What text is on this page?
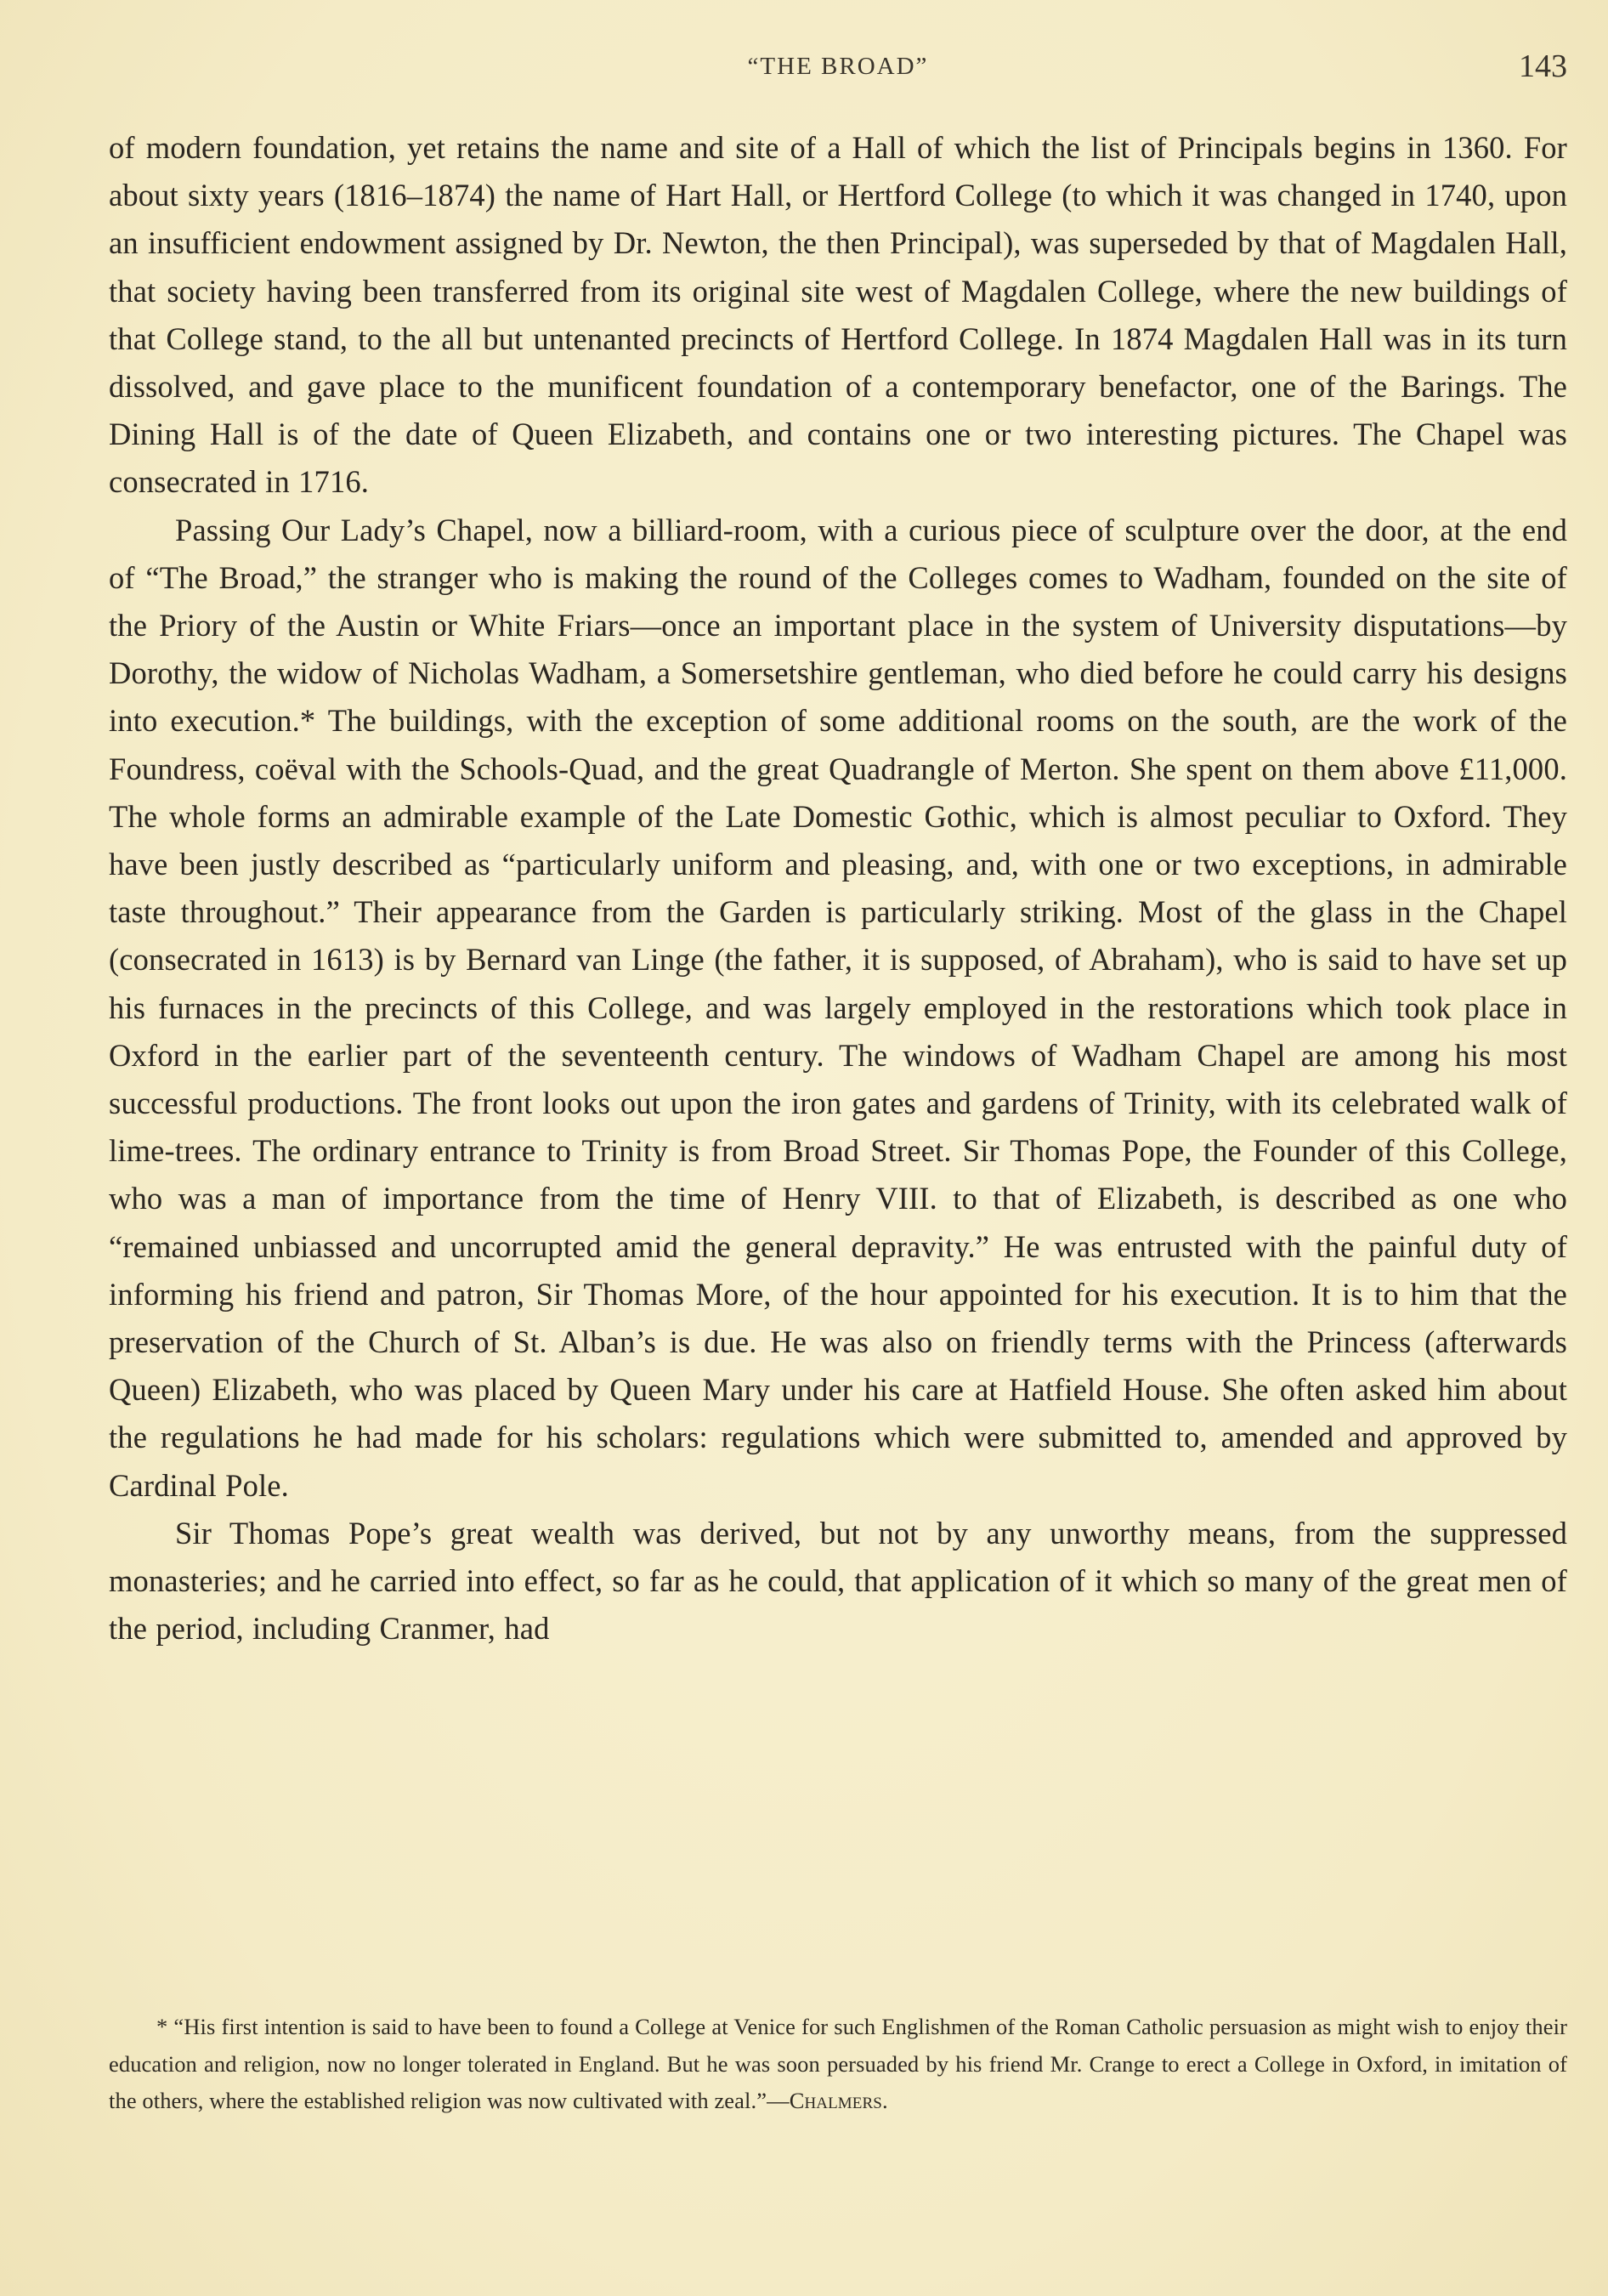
“THE BROAD”	143

of modern foundation, yet retains the name and site of a Hall of which the list of Principals begins in 1360. For about sixty years (1816–1874) the name of Hart Hall, or Hertford College (to which it was changed in 1740, upon an insufficient endowment assigned by Dr. Newton, the then Principal), was superseded by that of Magdalen Hall, that society having been transferred from its original site west of Magdalen College, where the new buildings of that College stand, to the all but untenanted precincts of Hertford College. In 1874 Magdalen Hall was in its turn dissolved, and gave place to the munificent foundation of a contemporary benefactor, one of the Barings. The Dining Hall is of the date of Queen Elizabeth, and contains one or two interesting pictures. The Chapel was consecrated in 1716.

Passing Our Lady’s Chapel, now a billiard-room, with a curious piece of sculpture over the door, at the end of “The Broad,” the stranger who is making the round of the Colleges comes to Wadham, founded on the site of the Priory of the Austin or White Friars—once an important place in the system of University disputations—by Dorothy, the widow of Nicholas Wadham, a Somersetshire gentleman, who died before he could carry his designs into execution.* The buildings, with the exception of some additional rooms on the south, are the work of the Foundress, coëval with the Schools-Quad, and the great Quadrangle of Merton. She spent on them above £11,000. The whole forms an admirable example of the Late Domestic Gothic, which is almost peculiar to Oxford. They have been justly described as “particularly uniform and pleasing, and, with one or two exceptions, in admirable taste throughout.” Their appearance from the Garden is particularly striking. Most of the glass in the Chapel (consecrated in 1613) is by Bernard van Linge (the father, it is supposed, of Abraham), who is said to have set up his furnaces in the precincts of this College, and was largely employed in the restorations which took place in Oxford in the earlier part of the seventeenth century. The windows of Wadham Chapel are among his most successful productions. The front looks out upon the iron gates and gardens of Trinity, with its celebrated walk of lime-trees. The ordinary entrance to Trinity is from Broad Street. Sir Thomas Pope, the Founder of this College, who was a man of importance from the time of Henry VIII. to that of Elizabeth, is described as one who “remained unbiassed and uncorrupted amid the general depravity.” He was entrusted with the painful duty of informing his friend and patron, Sir Thomas More, of the hour appointed for his execution. It is to him that the preservation of the Church of St. Alban’s is due. He was also on friendly terms with the Princess (afterwards Queen) Elizabeth, who was placed by Queen Mary under his care at Hatfield House. She often asked him about the regulations he had made for his scholars: regulations which were submitted to, amended and approved by Cardinal Pole.

Sir Thomas Pope’s great wealth was derived, but not by any unworthy means, from the suppressed monasteries; and he carried into effect, so far as he could, that application of it which so many of the great men of the period, including Cranmer, had

* “His first intention is said to have been to found a College at Venice for such Englishmen of the Roman Catholic persuasion as might wish to enjoy their education and religion, now no longer tolerated in England. But he was soon persuaded by his friend Mr. Crange to erect a College in Oxford, in imitation of the others, where the established religion was now cultivated with zeal.”—Chalmers.
